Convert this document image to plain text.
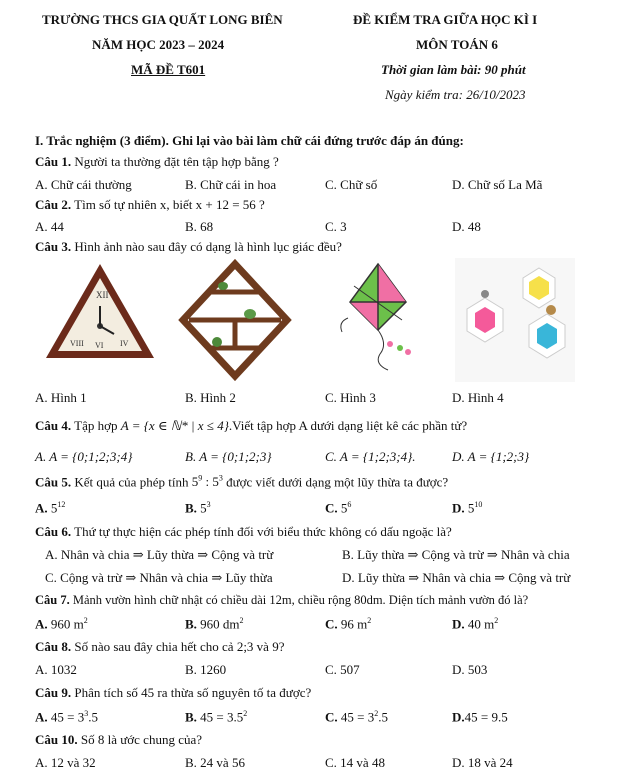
TRƯỜNG THCS GIA QUẤT LONG BIÊN	ĐỀ KIỂM TRA GIỮA HỌC KÌ I
NĂM HỌC 2023 – 2024	MÔN TOÁN 6
MÃ ĐỀ T601	Thời gian làm bài: 90 phút
Ngày kiểm tra: 26/10/2023
I. Trắc nghiệm (3 điểm). Ghi lại vào bài làm chữ cái đứng trước đáp án đúng:
Câu 1. Người ta thường đặt tên tập hợp bằng ?
A. Chữ cái thường	B. Chữ cái in hoa	C. Chữ số	D. Chữ số La Mã
Câu 2. Tìm số tự nhiên x, biết x + 12 = 56 ?
A. 44	B. 68	C. 3	D. 48
Câu 3. Hình ảnh nào sau đây có dạng là hình lục giác đều?
XII
VIII	IV
VI
A. Hình 1	B. Hình 2	C. Hình 3	D. Hình 4
Câu 4. Tập hợp A = {x ∈ ℕ* | x ≤ 4}.Viết tập hợp A dưới dạng liệt kê các phần tử?
A. A = {0;1;2;3;4}	B. A = {0;1;2;3}	C. A = {1;2;3;4}.	D. A = {1;2;3}
Câu 5. Kết quả của phép tính $5^9$ : $5^3$ được viết dưới dạng một lũy thừa ta được?
A. $5^{12}$	B. $5^3$	C. $5^6$	D. $5^{10}$
Câu 6. Thứ tự thực hiện các phép tính đối với biểu thức không có dấu ngoặc là?
A. Nhân và chia ⇒ Lũy thừa ⇒ Cộng và trừ	B. Lũy thừa ⇒ Cộng và trừ ⇒ Nhân và chia
C. Cộng và trừ ⇒ Nhân và chia ⇒ Lũy thừa	D. Lũy thừa ⇒ Nhân và chia ⇒ Cộng và trừ
Câu 7. Mảnh vườn hình chữ nhật có chiều dài 12m, chiều rộng 80dm. Diện tích mảnh vườn đó là?
A. 960 $m^2$	B. 960 $dm^2$	C. 96 $m^2$	D. 40 $m^2$
Câu 8. Số nào sau đây chia hết cho cả 2;3 và 9?
A. 1032	B. 1260	C. 507	D. 503
Câu 9. Phân tích số 45 ra thừa số nguyên tố ta được?
A. $45 = 3^3.5$	B. $45 = 3.5^2$	C. $45 = 3^2.5$	D.45 = 9.5
Câu 10. Số 8 là ước chung của?
A. 12 và 32	B. 24 và 56	C. 14 và 48	D. 18 và 24
